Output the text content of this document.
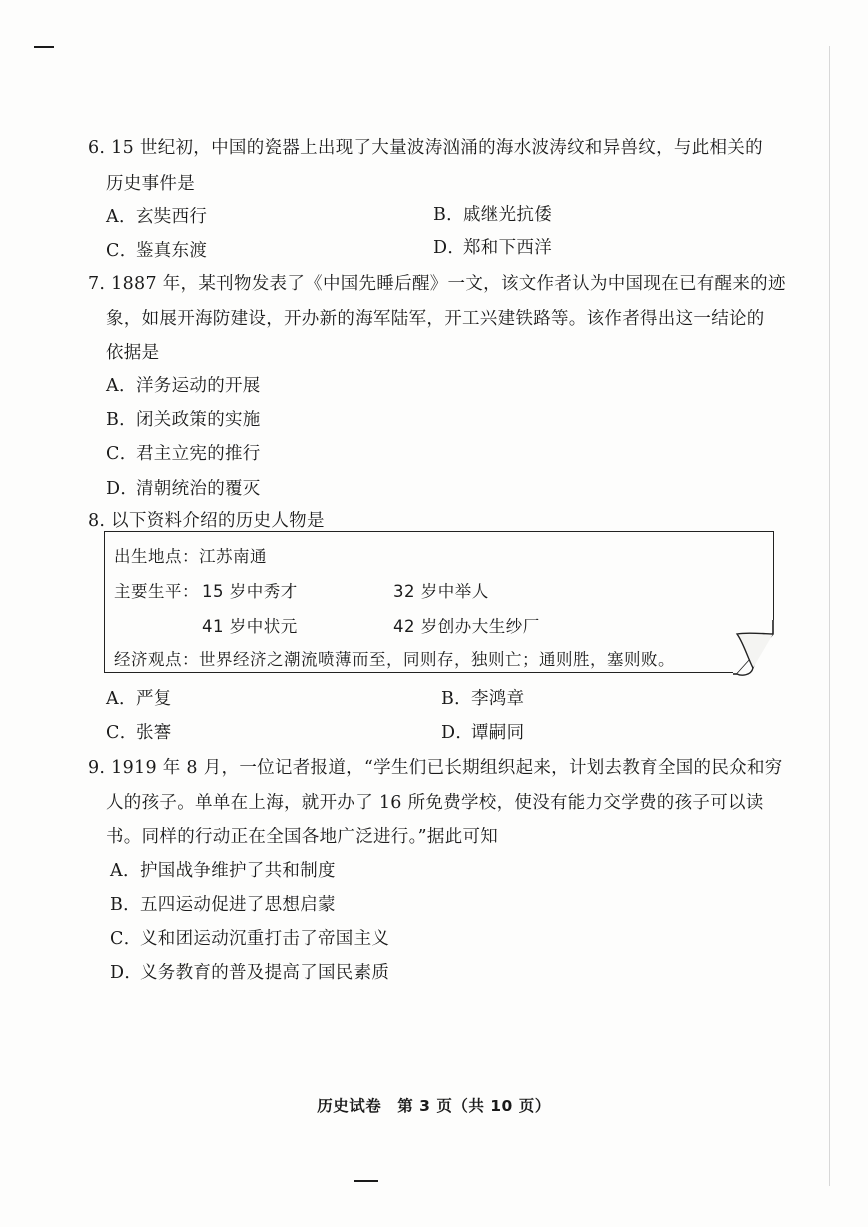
6. 15 世纪初，中国的瓷器上出现了大量波涛汹涌的海水波涛纹和异兽纹，与此相关的
历史事件是
A．玄奘西行	B．戚继光抗倭
C．鉴真东渡	D．郑和下西洋
7. 1887 年，某刊物发表了《中国先睡后醒》一文，该文作者认为中国现在已有醒来的迹
象，如展开海防建设，开办新的海军陆军，开工兴建铁路等。该作者得出这一结论的
依据是
A．洋务运动的开展
B．闭关政策的实施
C．君主立宪的推行
D．清朝统治的覆灭
8. 以下资料介绍的历史人物是
出生地点：江苏南通
主要生平： 15 岁中秀才	32 岁中举人
41 岁中状元	42 岁创办大生纱厂
经济观点：世界经济之潮流喷薄而至，同则存，独则亡；通则胜，塞则败。
A．严复	B．李鸿章
C．张謇	D．谭嗣同
9. 1919 年 8 月，一位记者报道，“学生们已长期组织起来，计划去教育全国的民众和穷
人的孩子。单单在上海，就开办了 16 所免费学校，使没有能力交学费的孩子可以读
书。同样的行动正在全国各地广泛进行。”据此可知
A．护国战争维护了共和制度
B．五四运动促进了思想启蒙
C．义和团运动沉重打击了帝国主义
D．义务教育的普及提高了国民素质
历史试卷　第 3 页（共 10 页）
